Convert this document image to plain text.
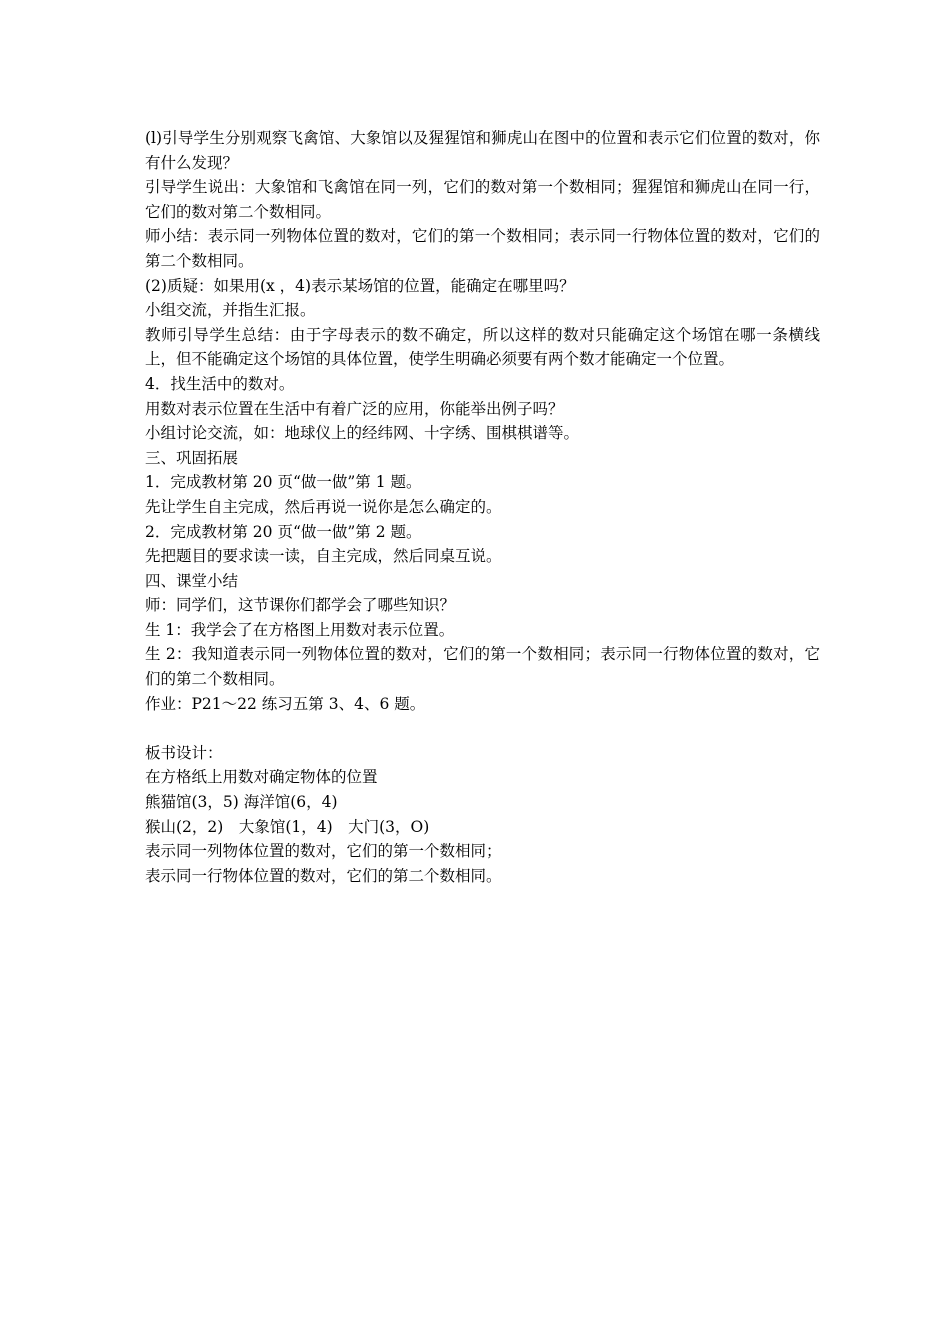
(l)引导学生分别观察飞禽馆、大象馆以及猩猩馆和狮虎山在图中的位置和表示它们位置的数对，你有什么发现？

引导学生说出：大象馆和飞禽馆在同一列，它们的数对第一个数相同；猩猩馆和狮虎山在同一行，它们的数对第二个数相同。

师小结：表示同一列物体位置的数对，它们的第一个数相同；表示同一行物体位置的数对，它们的第二个数相同。

(2)质疑：如果用(x ，4)表示某场馆的位置，能确定在哪里吗？

小组交流，并指生汇报。

教师引导学生总结：由于字母表示的数不确定，所以这样的数对只能确定这个场馆在哪一条横线上，但不能确定这个场馆的具体位置，使学生明确必须要有两个数才能确定一个位置。

4．找生活中的数对。

用数对表示位置在生活中有着广泛的应用，你能举出例子吗？

小组讨论交流，如：地球仪上的经纬网、十字绣、围棋棋谱等。

三、巩固拓展

1．完成教材第 20 页“做一做”第 1 题。

先让学生自主完成，然后再说一说你是怎么确定的。

2．完成教材第 20 页“做一做”第 2 题。

先把题目的要求读一读，自主完成，然后同桌互说。

四、课堂小结

师：同学们，这节课你们都学会了哪些知识？

生 1：我学会了在方格图上用数对表示位置。

生 2：我知道表示同一列物体位置的数对，它们的第一个数相同；表示同一行物体位置的数对，它们的第二个数相同。

作业：P21～22 练习五第 3、4、6 题。

板书设计：

在方格纸上用数对确定物体的位置

熊猫馆(3，5) 海洋馆(6，4)

猴山(2，2)　大象馆(1，4)　大门(3，O)

表示同一列物体位置的数对，它们的第一个数相同；

表示同一行物体位置的数对，它们的第二个数相同。
